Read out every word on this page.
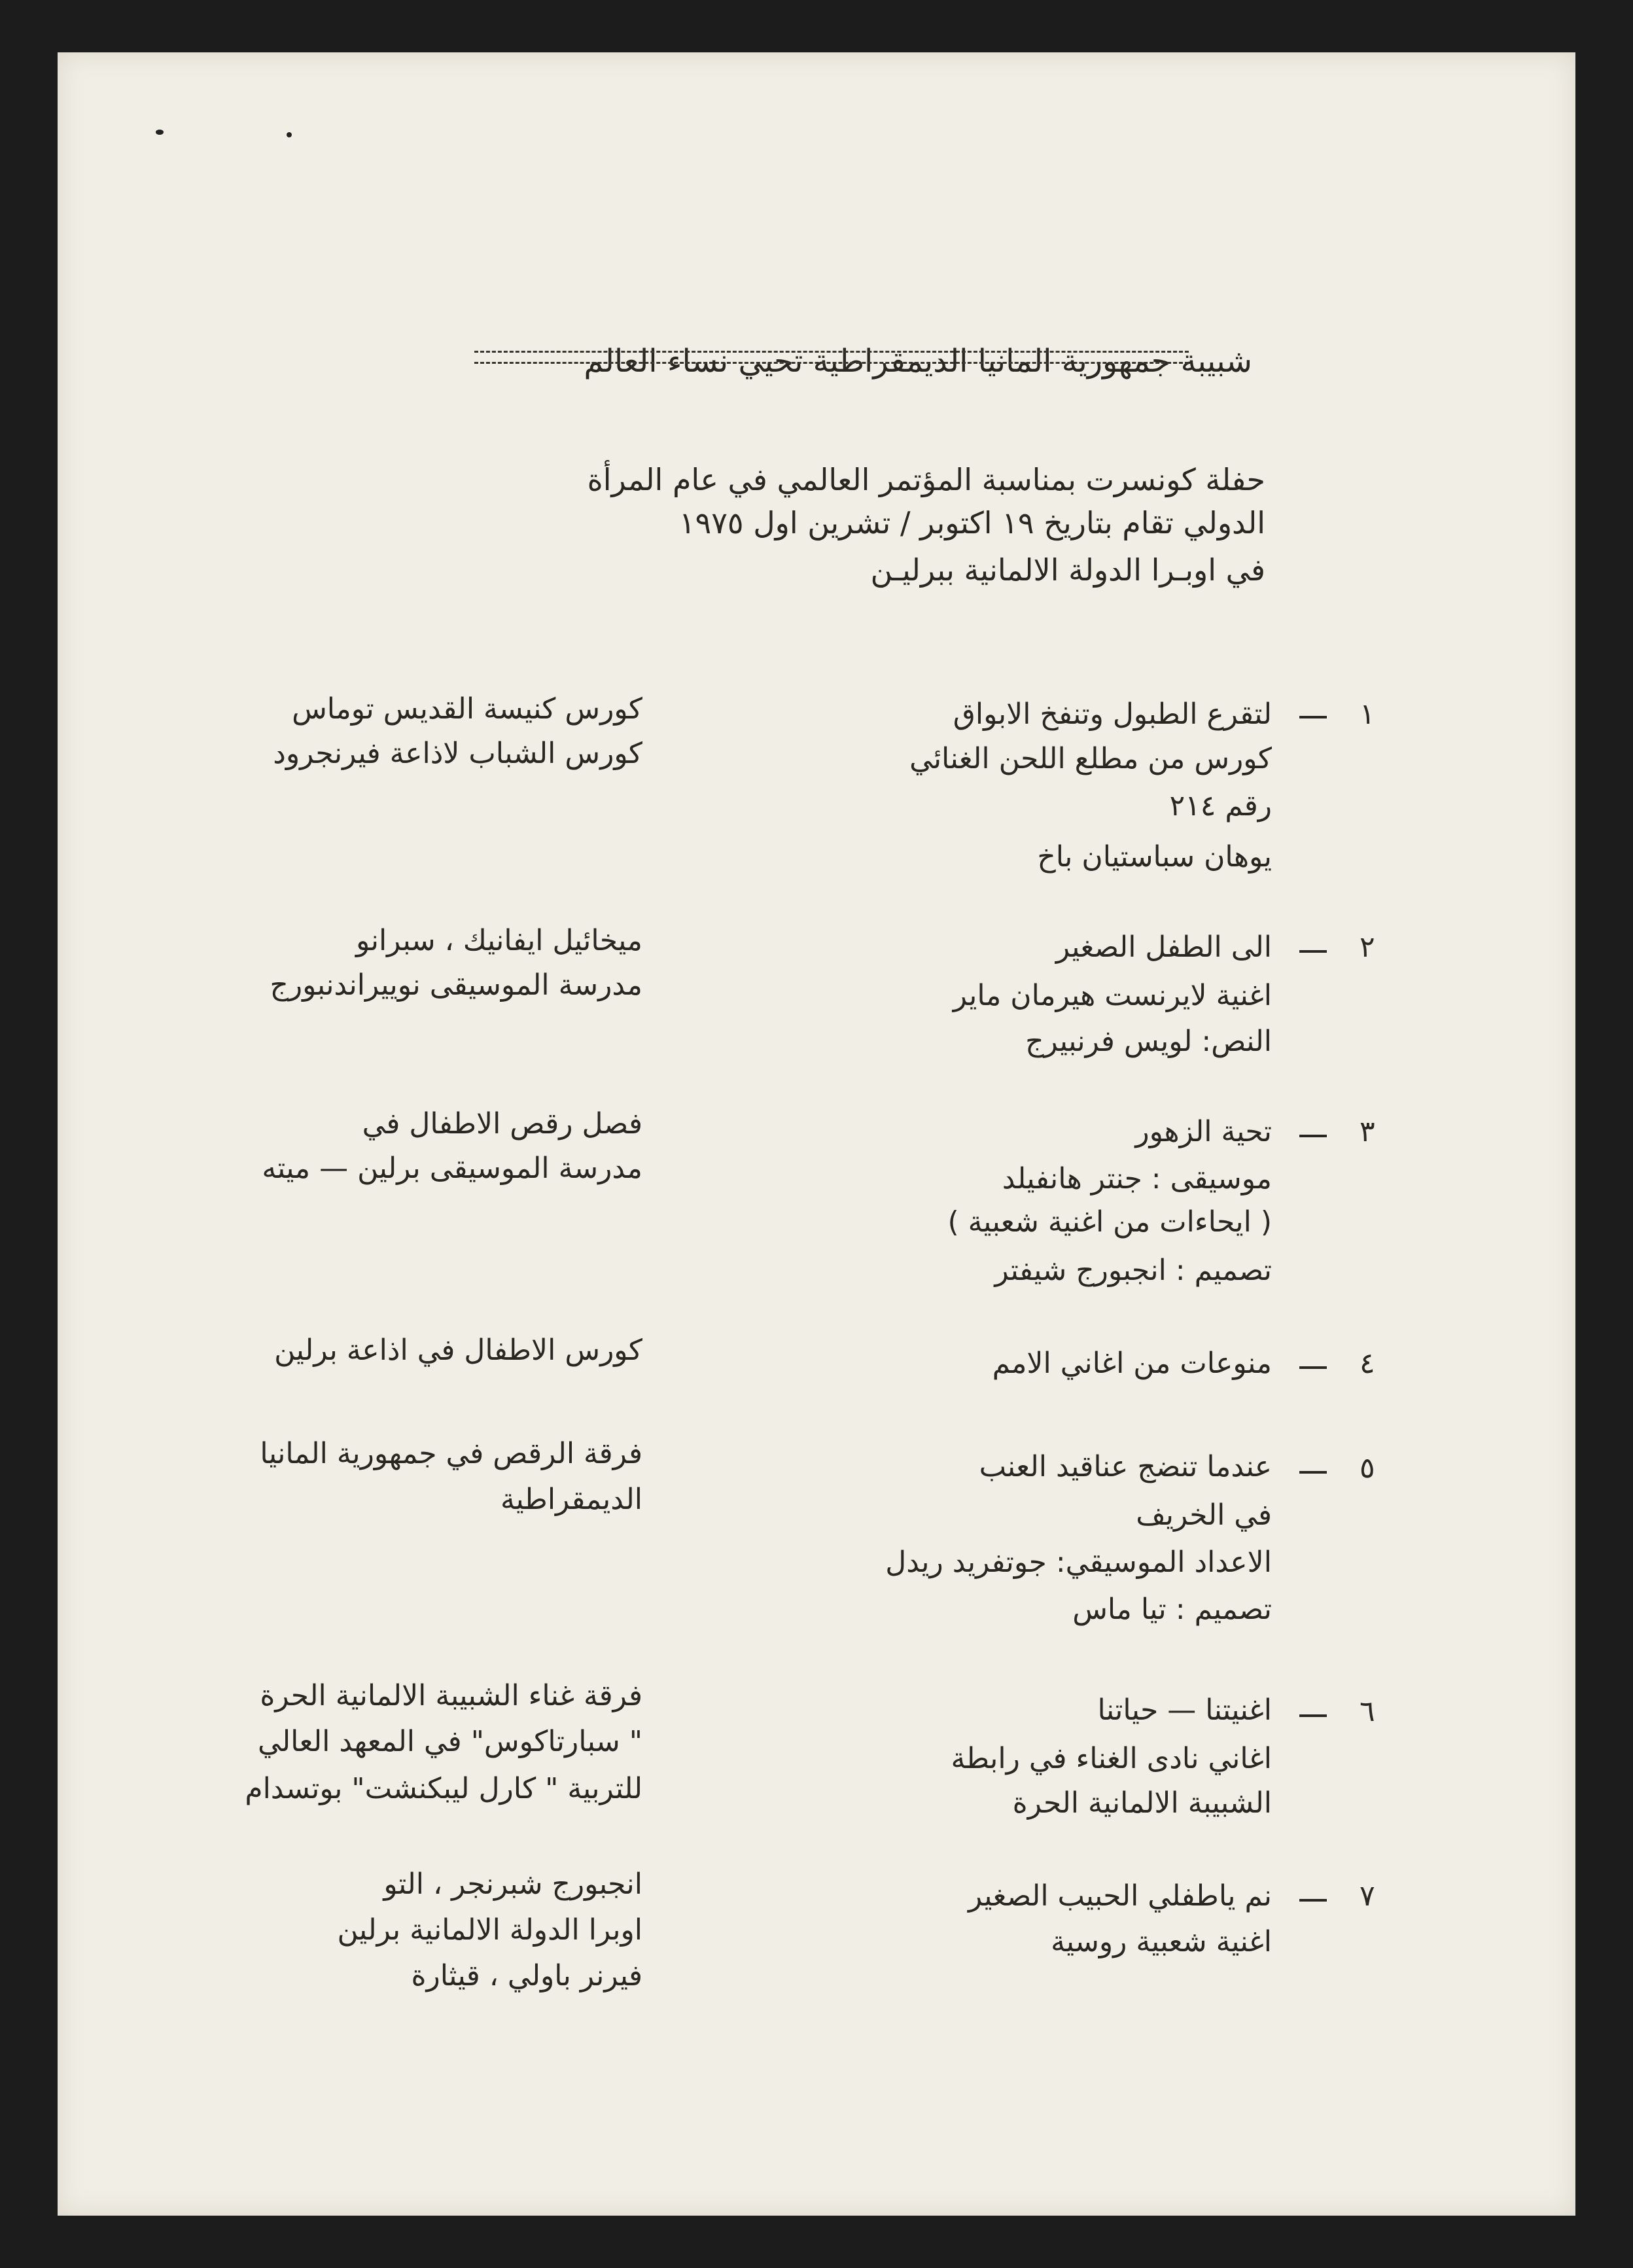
شبيبة جمهورية المانيا الديمقراطية تحيي نساء العالم
حفلة كونسرت بمناسبة المؤتمر العالمي في عام المرأة
الدولي تقام بتاريخ ١٩ اكتوبر / تشرين اول ١٩٧٥
في اوبـرا الدولة الالمانية ببرليـن
١
لتقرع الطبول وتنفخ الابواق
كورس من مطلع اللحن الغنائي
رقم ٢١٤
يوهان سباستيان باخ
كورس كنيسة القديس توماس
كورس الشباب لاذاعة فيرنجرود
٢
الى الطفل الصغير
اغنية لايرنست هيرمان ماير
النص: لويس فرنبيرج
ميخائيل ايفانيك ، سبرانو
مدرسة الموسيقى نوييراندنبورج
٣
تحية الزهور
موسيقى : جنتر هانفيلد
( ايحاءات من اغنية شعبية )
تصميم : انجبورج شيفتر
فصل رقص الاطفال في
مدرسة الموسيقى برلين — ميته
٤
منوعات من اغاني الامم
كورس الاطفال في اذاعة برلين
٥
عندما تنضج عناقيد العنب
في الخريف
الاعداد الموسيقي: جوتفريد ريدل
تصميم : تيا ماس
فرقة الرقص في جمهورية المانيا
الديمقراطية
٦
اغنيتنا — حياتنا
اغاني نادى الغناء في رابطة
الشبيبة الالمانية الحرة
فرقة غناء الشبيبة الالمانية الحرة
" سبارتاكوس" في المعهد العالي
للتربية " كارل ليبكنشت" بوتسدام
٧
نم ياطفلي الحبيب الصغير
اغنية شعبية روسية
انجبورج شبرنجر ، التو
اوبرا الدولة الالمانية برلين
فيرنر باولي ، قيثارة
